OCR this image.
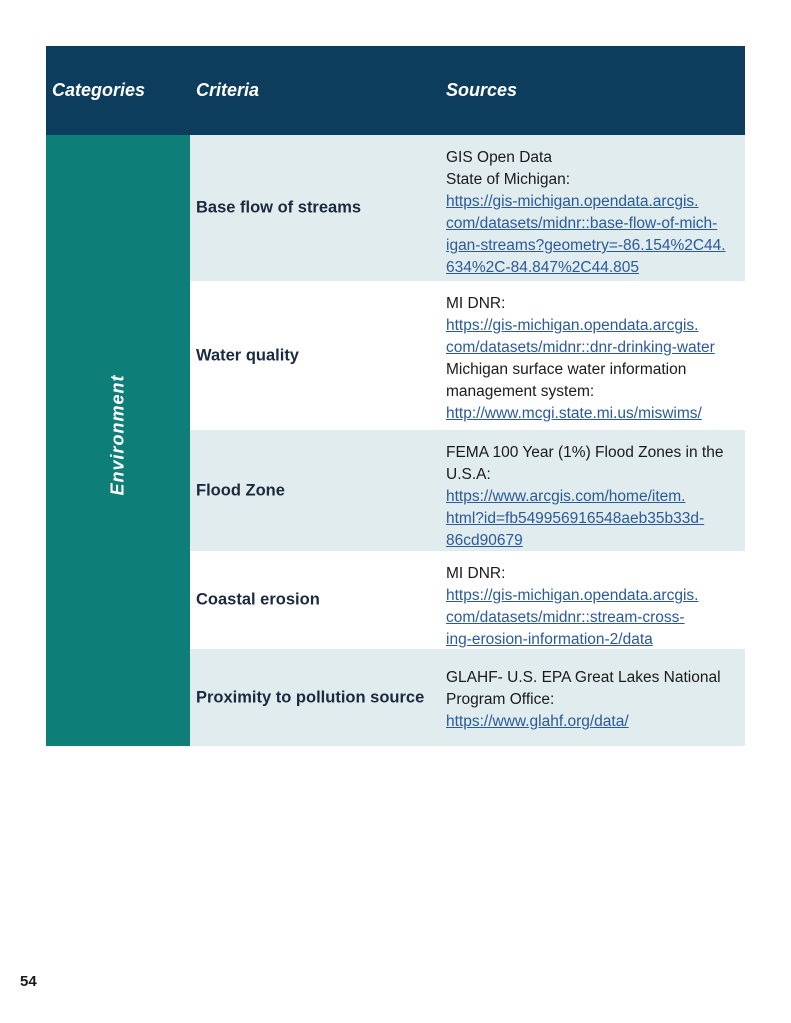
Categories	Criteria	Sources
Environment
Base flow of streams
GIS Open Data
State of Michigan:
https://gis-michigan.opendata.arcgis.
com/datasets/midnr::base-flow-of-mich-
igan-streams?geometry=-86.154%2C44.
634%2C-84.847%2C44.805
Water quality
MI DNR:
https://gis-michigan.opendata.arcgis.
com/datasets/midnr::dnr-drinking-water
Michigan surface water information
management system:
http://www.mcgi.state.mi.us/miswims/
Flood Zone
FEMA 100 Year (1%) Flood Zones in the
U.S.A:
https://www.arcgis.com/home/item.
html?id=fb549956916548aeb35b33d-
86cd90679
Coastal erosion
MI DNR:
https://gis-michigan.opendata.arcgis.
com/datasets/midnr::stream-cross-
ing-erosion-information-2/data
Proximity to pollution source
GLAHF- U.S. EPA Great Lakes National
Program Office:
https://www.glahf.org/data/
54
